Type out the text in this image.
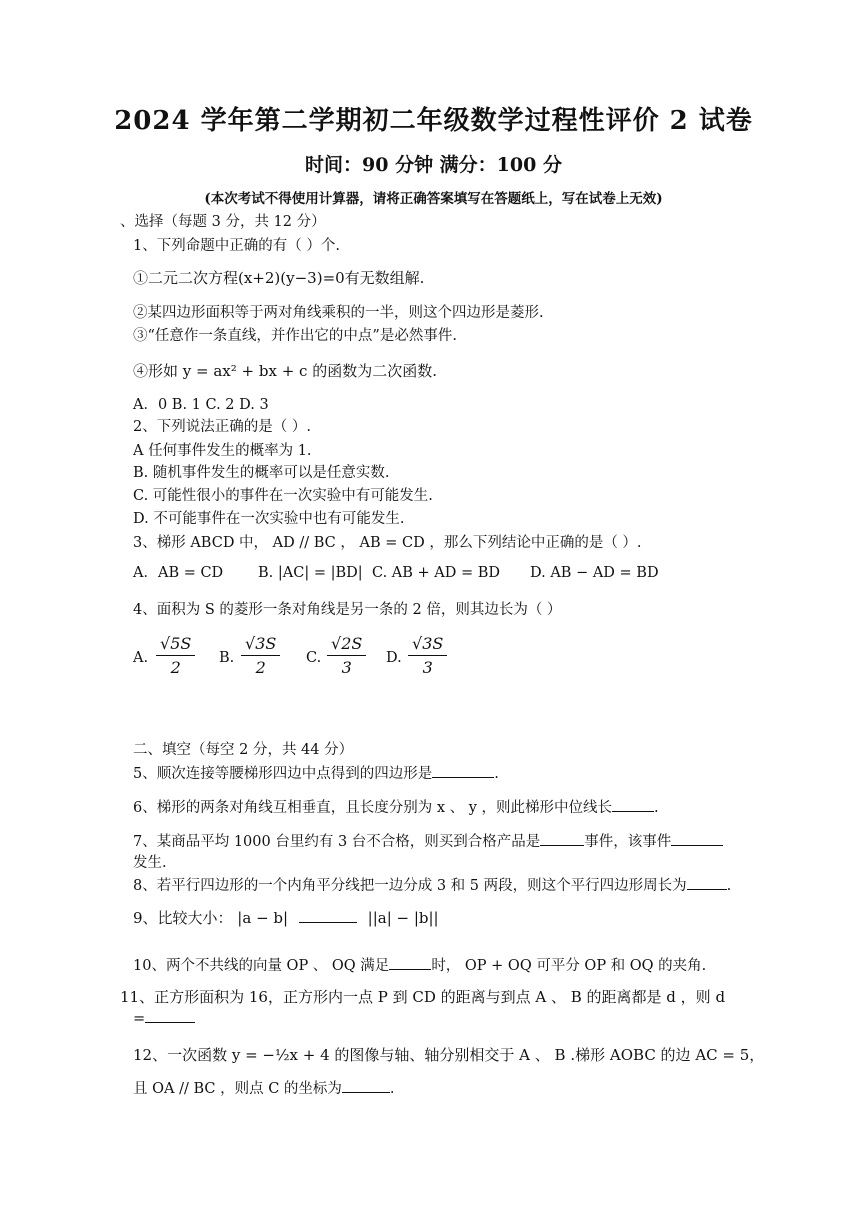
2024 学年第二学期初二年级数学过程性评价 2 试卷
时间：90 分钟 满分：100 分
(本次考试不得使用计算器，请将正确答案填写在答题纸上，写在试卷上无效)
、选择（每题 3 分，共 12 分）
1、下列命题中正确的有（ ）个.
①二元二次方程(x+2)(y−3)=0有无数组解.
②某四边形面积等于两对角线乘积的一半，则这个四边形是菱形.
③“任意作一条直线，并作出它的中点”是必然事件.
④形如 y = ax² + bx + c 的函数为二次函数.
A．0 B. 1 C. 2 D. 3
2、下列说法正确的是（ ）.
A 任何事件发生的概率为 1.
B. 随机事件发生的概率可以是任意实数.
C. 可能性很小的事件在一次实验中有可能发生.
D. 不可能事件在一次实验中也有可能发生.
3、梯形 ABCD 中， AD // BC ， AB = CD ，那么下列结论中正确的是（ ）.
A．AB = CD B. |AC| = |BD| C. AB + AD = BD D. AB − AD = BD
4、面积为 S 的菱形一条对角线是另一条的 2 倍，则其边长为（ ）
A. $\frac{√5S}{2} B$. $\frac{√3S}{2} C$. $\frac{√2S}{3} D$. $\frac{√3S}{3}$
二、填空（每空 2 分，共 44 分）
5、顺次连接等腰梯形四边中点得到的四边形是	.
6、梯形的两条对角线互相垂直，且长度分别为 x 、 y ，则此梯形中位线长	.
7、某商品平均 1000 台里约有 3 台不合格，则买到合格产品是	事件，该事件
发生.
8、若平行四边形的一个内角平分线把一边分成 3 和 5 两段，则这个平行四边形周长为	.
9、比较大小： |a − b|	||a| − |b||
10、两个不共线的向量 OP 、 OQ 满足	时， OP + OQ 可平分 OP 和 OQ 的夹角.
11、正方形面积为 16，正方形内一点 P 到 CD 的距离与到点 A 、 B 的距离都是 d ，则 d
=
12、一次函数 y = −½x + 4 的图像与轴、轴分别相交于 A 、 B .梯形 AOBC 的边 AC = 5，
且 OA // BC ，则点 C 的坐标为	.
